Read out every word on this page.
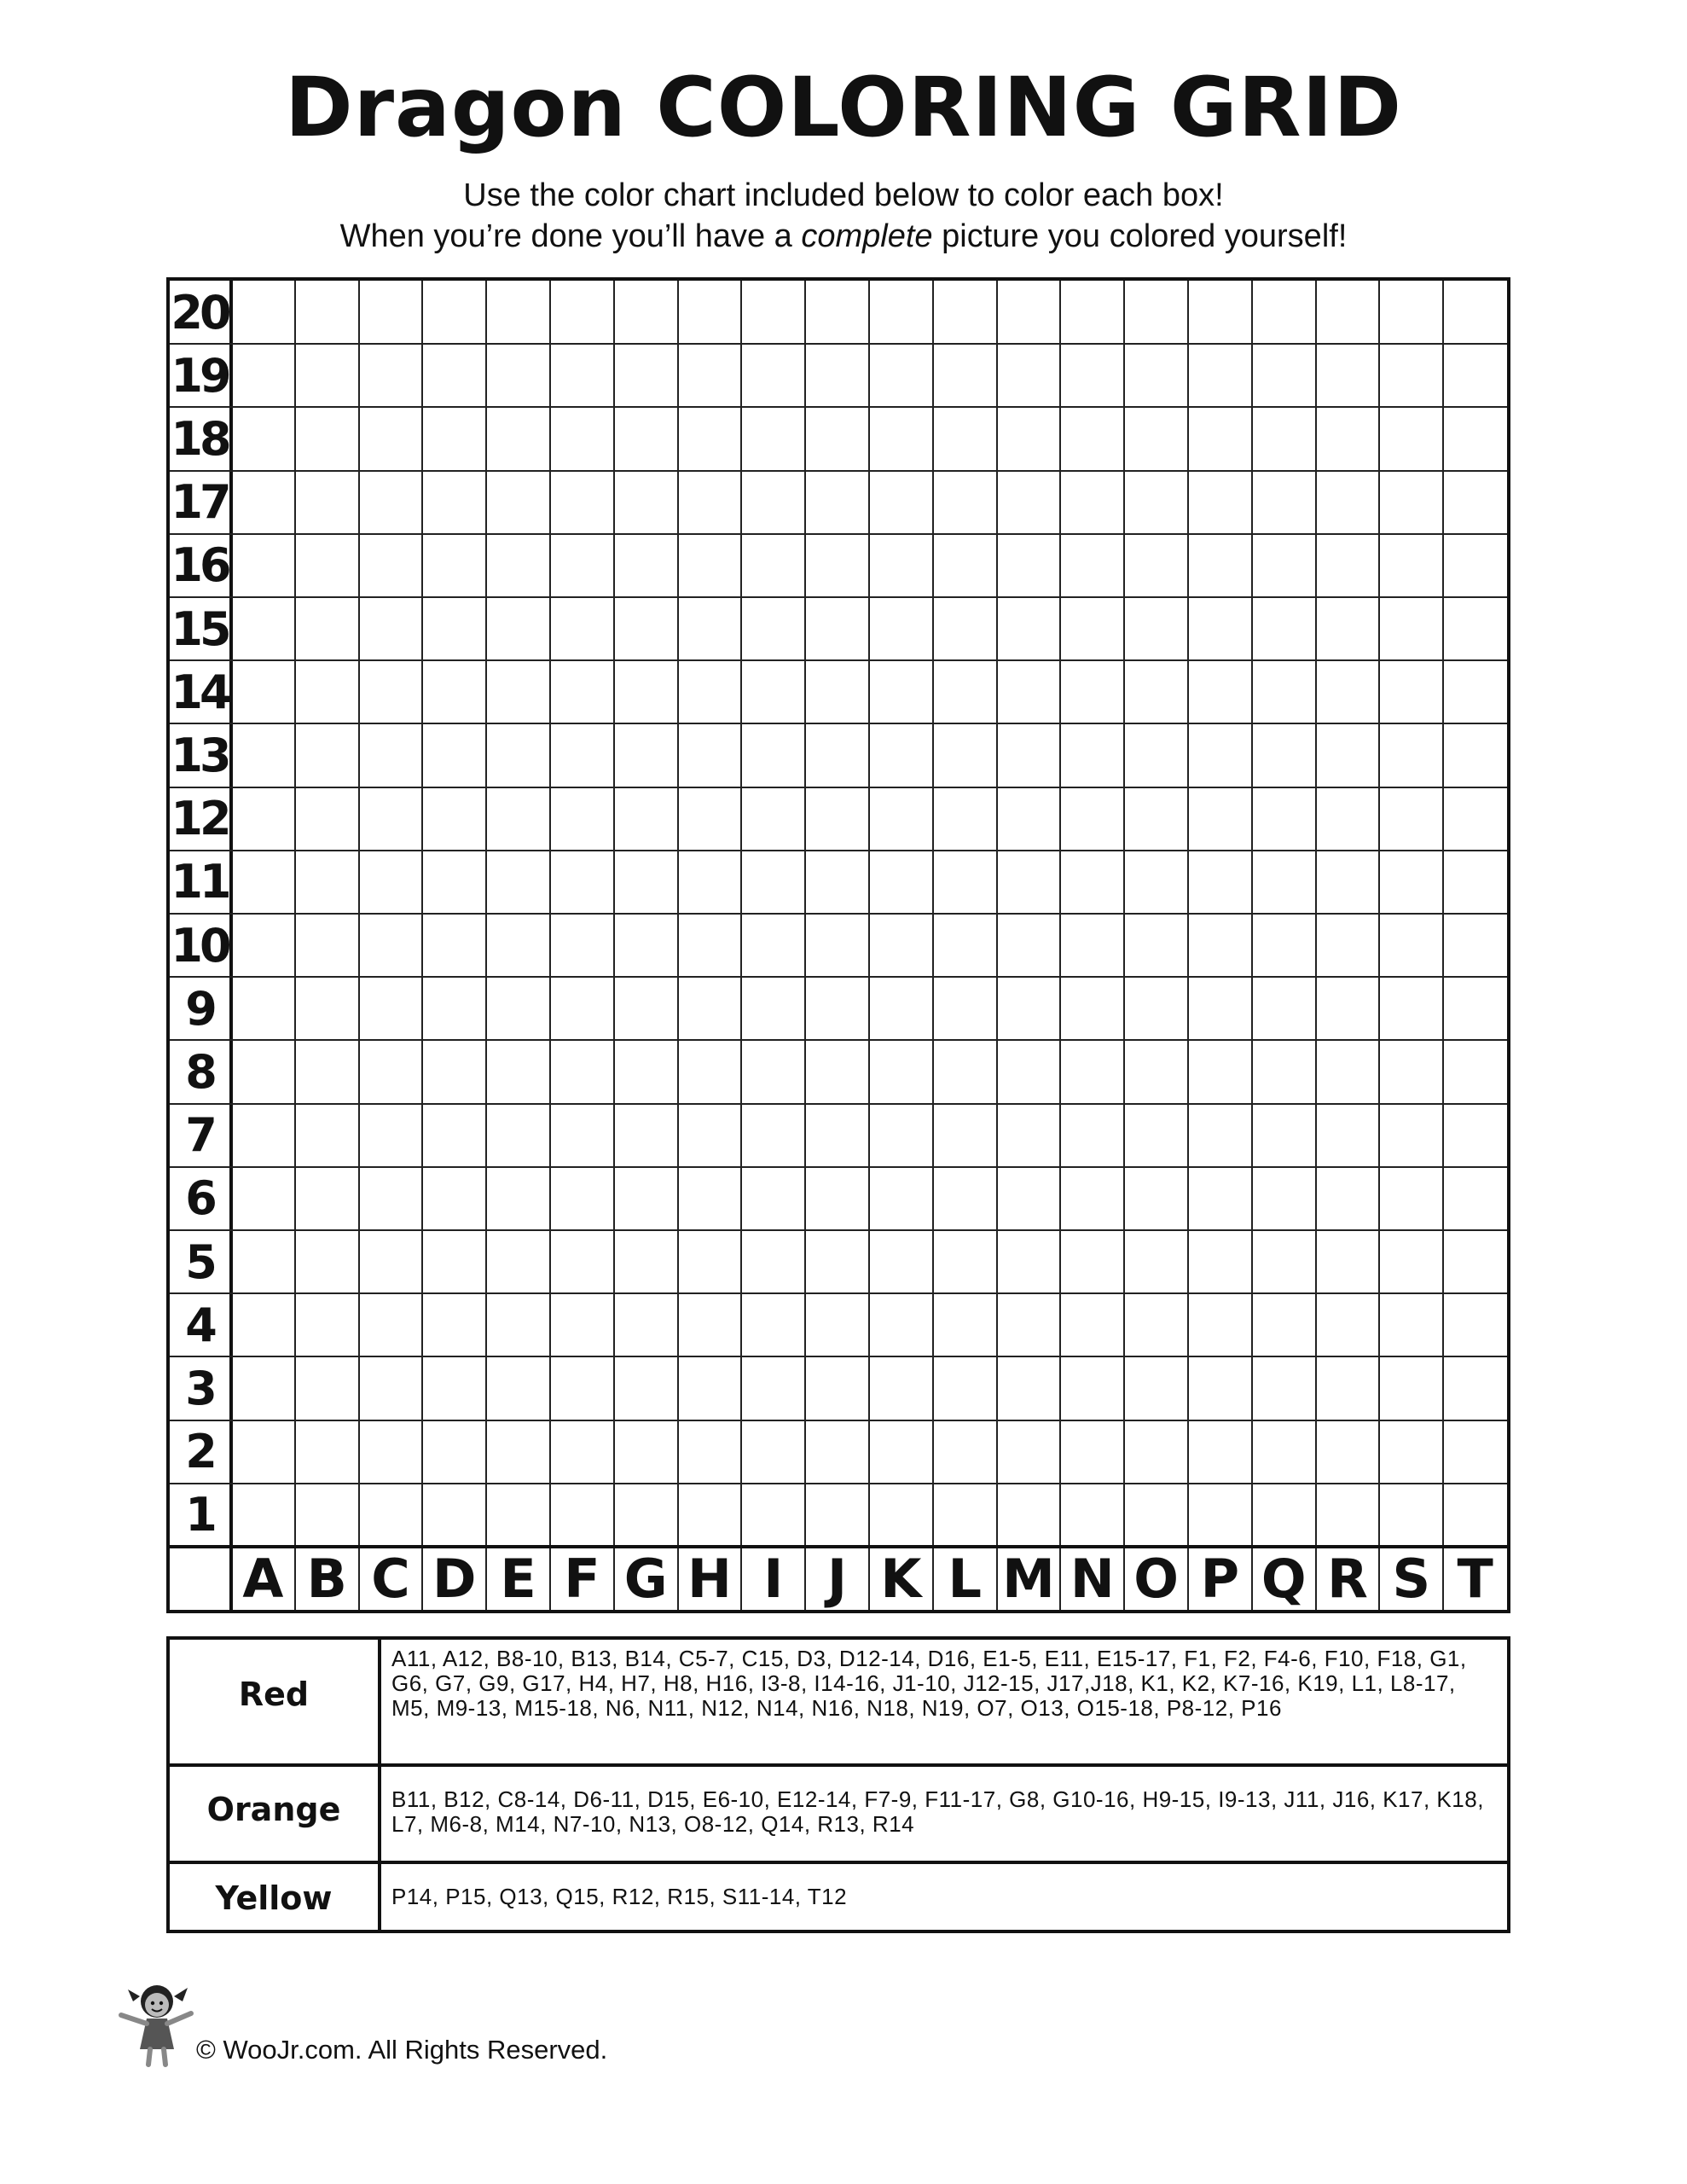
Dragon COLORING GRID
Use the color chart included below to color each box!
When you’re done you’ll have a complete picture you colored yourself!
20
19
18
17
16
15
14
13
12
11
10
9
8
7
6
5
4
3
2
1
A B C D E F G H I J K L M N O P Q R S T
Red
A11, A12, B8-10, B13, B14, C5-7, C15, D3, D12-14, D16, E1-5, E11, E15-17, F1, F2, F4-6, F10, F18, G1, G6, G7, G9, G17, H4, H7, H8, H16, I3-8, I14-16, J1-10, J12-15, J17,J18, K1, K2, K7-16, K19, L1, L8-17, M5, M9-13, M15-18, N6, N11, N12, N14, N16, N18, N19, O7, O13, O15-18, P8-12, P16
Orange	B11, B12, C8-14, D6-11, D15, E6-10, E12-14, F7-9, F11-17, G8, G10-16, H9-15, I9-13, J11, J16, K17, K18, L7, M6-8, M14, N7-10, N13, O8-12, Q14, R13, R14
Yellow	P14, P15, Q13, Q15, R12, R15, S11-14, T12
© WooJr.com. All Rights Reserved.
